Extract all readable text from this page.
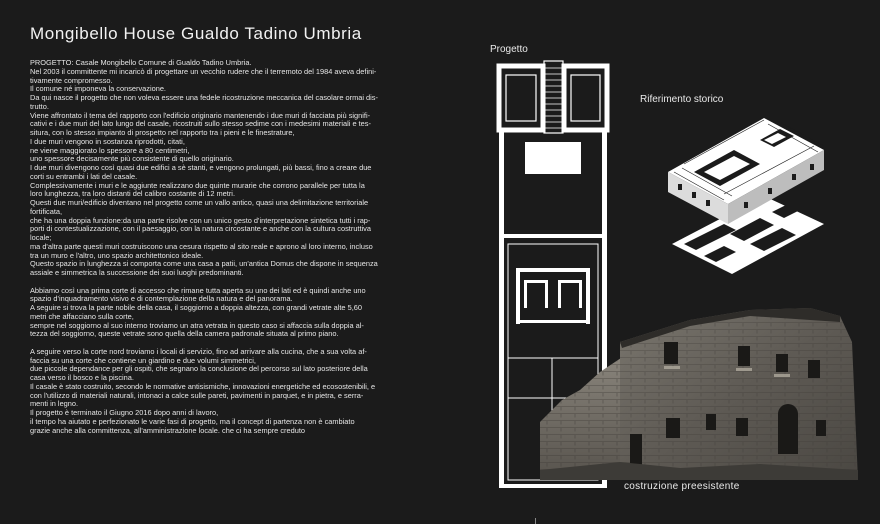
Mongibello House Gualdo Tadino Umbria
PROGETTO: Casale Mongibello Comune di Gualdo Tadino Umbria.
Nel 2003 il committente mi incaricò di progettare un vecchio rudere che il terremoto del 1984 aveva defini-
tivamente compromesso.
Il comune né imponeva la conservazione.
Da qui nasce il progetto che non voleva essere una fedele ricostruzione meccanica del casolare ormai dis-
trutto.
Viene affrontato il tema del rapporto con l'edificio originario mantenendo i due muri di facciata più signifi-
cativi e i due muri del lato lungo del casale, ricostruiti sullo stesso sedime con i medesimi materiali e tes-
situra, con lo stesso impianto di prospetto nel rapporto tra i pieni e le finestrature,
I due muri vengono in sostanza riprodotti, citati,
ne viene maggiorato lo spessore a 80 centimetri,
uno spessore decisamente più consistente di quello originario.
I due muri divengono così quasi due edifici a sè stanti, e vengono prolungati, più bassi, fino a creare due
corti su entrambi i lati del casale.
Complessivamente i muri e le aggiunte realizzano due quinte murarie che corrono parallele per tutta la
loro lunghezza, tra loro distanti del calibro costante di 12 metri.
Questi due muri/edificio diventano nel progetto come un vallo antico, quasi una delimitazione territoriale
fortificata,
che ha una doppia funzione:da una parte risolve con un unico gesto d'interpretazione sintetica tutti i rap-
porti di contestualizzazione, con il paesaggio, con la natura circostante e anche con la cultura costruttiva
locale;
ma d'altra parte questi muri costruiscono una cesura rispetto al sito reale e aprono al loro interno, incluso
tra un muro e l'altro, uno spazio architettonico ideale.
Questo spazio in lunghezza si comporta come una casa a patii, un'antica Domus che dispone in sequenza
assiale e simmetrica la successione dei suoi luoghi predominanti.
Abbiamo così una prima corte di accesso che rimane tutta aperta su uno dei lati ed è quindi anche uno
spazio d'inquadramento visivo e di contemplazione della natura e del panorama.
A seguire si trova la parte nobile della casa, il soggiorno a doppia altezza, con grandi vetrate alte 5,60
metri che affacciano sulla corte,
sempre nel soggiorno al suo interno troviamo un atra vetrata in questo caso si affaccia sulla doppia al-
tezza del soggiorno, queste vetrate sono quella della camera padronale situata al primo piano.
A seguire verso la corte nord troviamo i locali di servizio, fino ad arrivare alla cucina, che a sua volta af-
faccia su una corte che contiene un giardino e due volumi simmetrici,
due piccole dependance per gli ospiti, che segnano la conclusione del percorso sul lato posteriore della
casa verso il bosco e la piscina.
Il casale è stato costruito, secondo le normative antisismiche, innovazioni energetiche ed ecosostenibili, e
con l'utilizzo di materiali naturali, intonaci a calce sulle pareti, pavimenti in parquet, e in pietra, e serra-
menti in legno.
Il progetto è terminato il Giugno 2016 dopo anni di lavoro,
il tempo ha aiutato e perfezionato le varie fasi di progetto, ma il concept di partenza non è cambiato
grazie anche alla committenza, all'amministrazione locale. che ci ha sempre creduto
Progetto
Riferimento storico
costruzione preesistente
